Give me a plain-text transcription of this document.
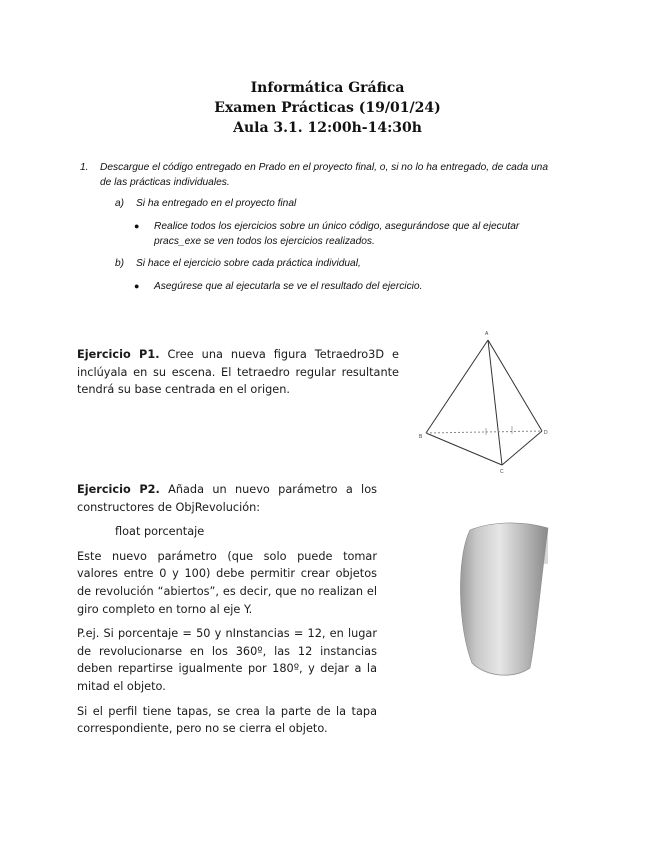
Informática Gráfica
Examen Prácticas (19/01/24)
Aula 3.1. 12:00h-14:30h
1. Descargue el código entregado en Prado en el proyecto final, o, si no lo ha entregado, de cada una
de las prácticas individuales.
a) Si ha entregado en el proyecto final
● Realice todos los ejercicios sobre un único código, asegurándose que al ejecutar
pracs_exe se ven todos los ejercicios realizados.
b) Si hace el ejercicio sobre cada práctica individual,
● Asegúrese que al ejecutarla se ve el resultado del ejercicio.

Ejercicio P1. Cree una nueva figura Tetraedro3D e inclúyala en su escena. El tetraedro regular resultante tendrá su base centrada en el origen.

A
B
C
D

Ejercicio P2. Añada un nuevo parámetro a los constructores de ObjRevolución:

float porcentaje

Este nuevo parámetro (que solo puede tomar valores entre 0 y 100) debe permitir crear objetos de revolución “abiertos”, es decir, que no realizan el giro completo en torno al eje Y.

P.ej. Si porcentaje = 50 y nInstancias = 12, en lugar de revolucionarse en los 360º, las 12 instancias deben repartirse igualmente por 180º, y dejar a la mitad el objeto.

Si el perfil tiene tapas, se crea la parte de la tapa correspondiente, pero no se cierra el objeto.
